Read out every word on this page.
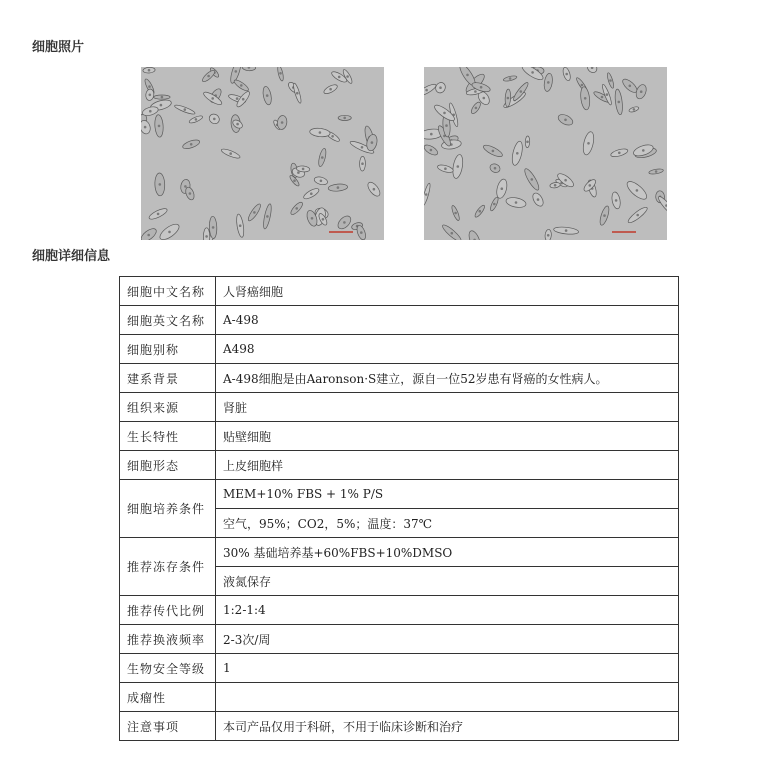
细胞照片
细胞详细信息
细胞中文名称	人肾癌细胞
细胞英文名称	A-498
细胞别称	A498
建系背景	A-498细胞是由Aaronson·S建立，源自一位52岁患有肾癌的女性病人。
组织来源	肾脏
生长特性	贴壁细胞
细胞形态	上皮细胞样
细胞培养条件	MEM+10% FBS + 1% P/S
	空气，95%；CO2，5%；温度：37℃
推荐冻存条件	30% 基础培养基+60%FBS+10%DMSO
	液氮保存
推荐传代比例	1:2-1:4
推荐换液频率	2-3次/周
生物安全等级	1
成瘤性	
注意事项	本司产品仅用于科研，不用于临床诊断和治疗
